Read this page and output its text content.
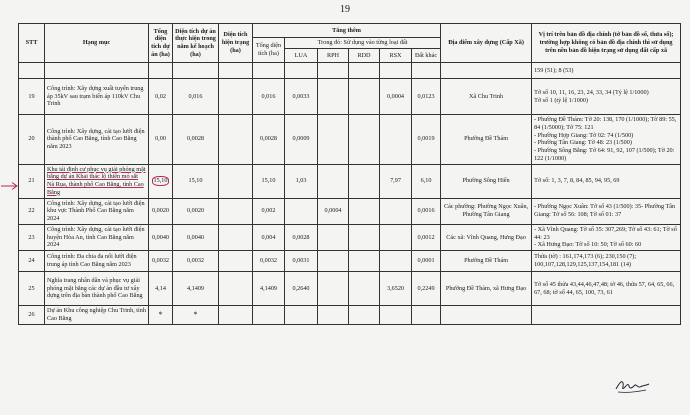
19
STT	Hạng mục	Tổng diện tích dự án (ha)	Diện tích dự án thực hiện trong năm kế hoạch (ha)	Diện tích hiện trạng (ha)	Tăng thêm						Địa điểm xây dựng (Cấp Xã)	Vị trí trên bản đồ địa chính (tờ bản đồ số, thửa số); trường hợp không có bản đồ địa chính thì sử dụng trên nền bản đồ hiện trạng sử dụng đất cấp xã
					Tổng diện tích (ha)	Trong đó: Sử dụng vào từng loại đất						
						LUA	RPH	RDD	RSX	Đất khác		
												159 (51); 8 (53)
19	Công trình: Xây dựng xuất tuyến trung áp 35kV sau trạm biến áp 110kV Chu Trinh	0,02	0,016		0,016	0,0033			0,0004	0,0123	Xã Chu Trinh	Tờ số 10, 11, 16, 23, 24, 33, 34 (Tỷ lệ 1/1000)
Tờ số 1 (tỷ lệ 1/1000)
20	Công trình: Xây dựng, cải tạo lưới điện thành phố Cao Bằng, tỉnh Cao Bằng năm 2023	0,00	0,0028		0,0028	0,0009				0,0019	Phường Đề Thám	- Phường Đề Thám: Tờ 20: 138, 170 (1/1000); Tờ 89: 55, 84 (1/5000); Tờ 75: 121
- Phường Hợp Giang: Tờ 02: 74 (1/500)
- Phường Tân Giang: Tờ 48: 23 (1/500)
- Phường Sông Bằng: Tờ 64: 91, 92, 107 (1/500); Tờ 20: 122 (1/1000)
21	Khu tái định cư phục vụ giải phóng mặt bằng dự án Khai thác lộ thiên mỏ sắt Nà Rụa, thành phố Cao Bằng, tỉnh Cao Bằng	15,10	15,10		15,10	1,03			7,97	6,10	Phường Sông Hiến	Tờ số: 1, 3, 7, 8, 84, 85, 94, 95, 69
22	Công trình: Xây dựng, cải tạo lưới điện khu vực Thành Phố Cao Bằng năm 2024	0,0020	0,0020		0,002		0,0004			0,0016	Các phường: Phường Ngọc Xuân, Phường Tân Giang	- Phường Ngọc Xuân: Tờ số 43 (1/500): 35- Phường Tân Giang: Tờ số 56: 108; Tờ số 01: 37
23	Công trình: Xây dựng, cải tạo lưới điện huyện Hòa An, tỉnh Cao Bằng năm 2024	0,0040	0,0040		0,004	0,0028				0,0012	Các xã: Vĩnh Quang, Hưng Đạo	- Xã Vĩnh Quang: Tờ số 35: 307,269; Tờ số 43: 61; Tờ số 44: 23
- Xã Hưng Đạo: Tờ số 10: 50; Tờ số 60: 60
24	Công trình: Đa chia đa nối lưới điện trung áp tỉnh Cao Bằng năm 2023	0,0032	0,0032		0,0032	0,0031				0,0001	Phường Đề Thám	Thửa (tờ) : 161,174,173 (6); 230,150 (7); 100,107,128,129,125,137,154,181 (14)
25	Nghĩa trang nhân dân và phục vụ giải phóng mặt bằng các dự án đầu tư xây dựng trên địa bàn thành phố Cao Bằng	4,14	4,1409		4,1409	0,2640			3,6520	0,2249	Phường Đề Thám, xã Hưng Đạo	Tờ số 45 thửa 43,44,46,47,48; tờ 46, thửa 57, 64, 65, 66, 67, 68; tờ số 44, 65, 100, 73, 61
26	Dự án Khu công nghiệp Chu Trinh, tỉnh Cao Bằng	*	*									
